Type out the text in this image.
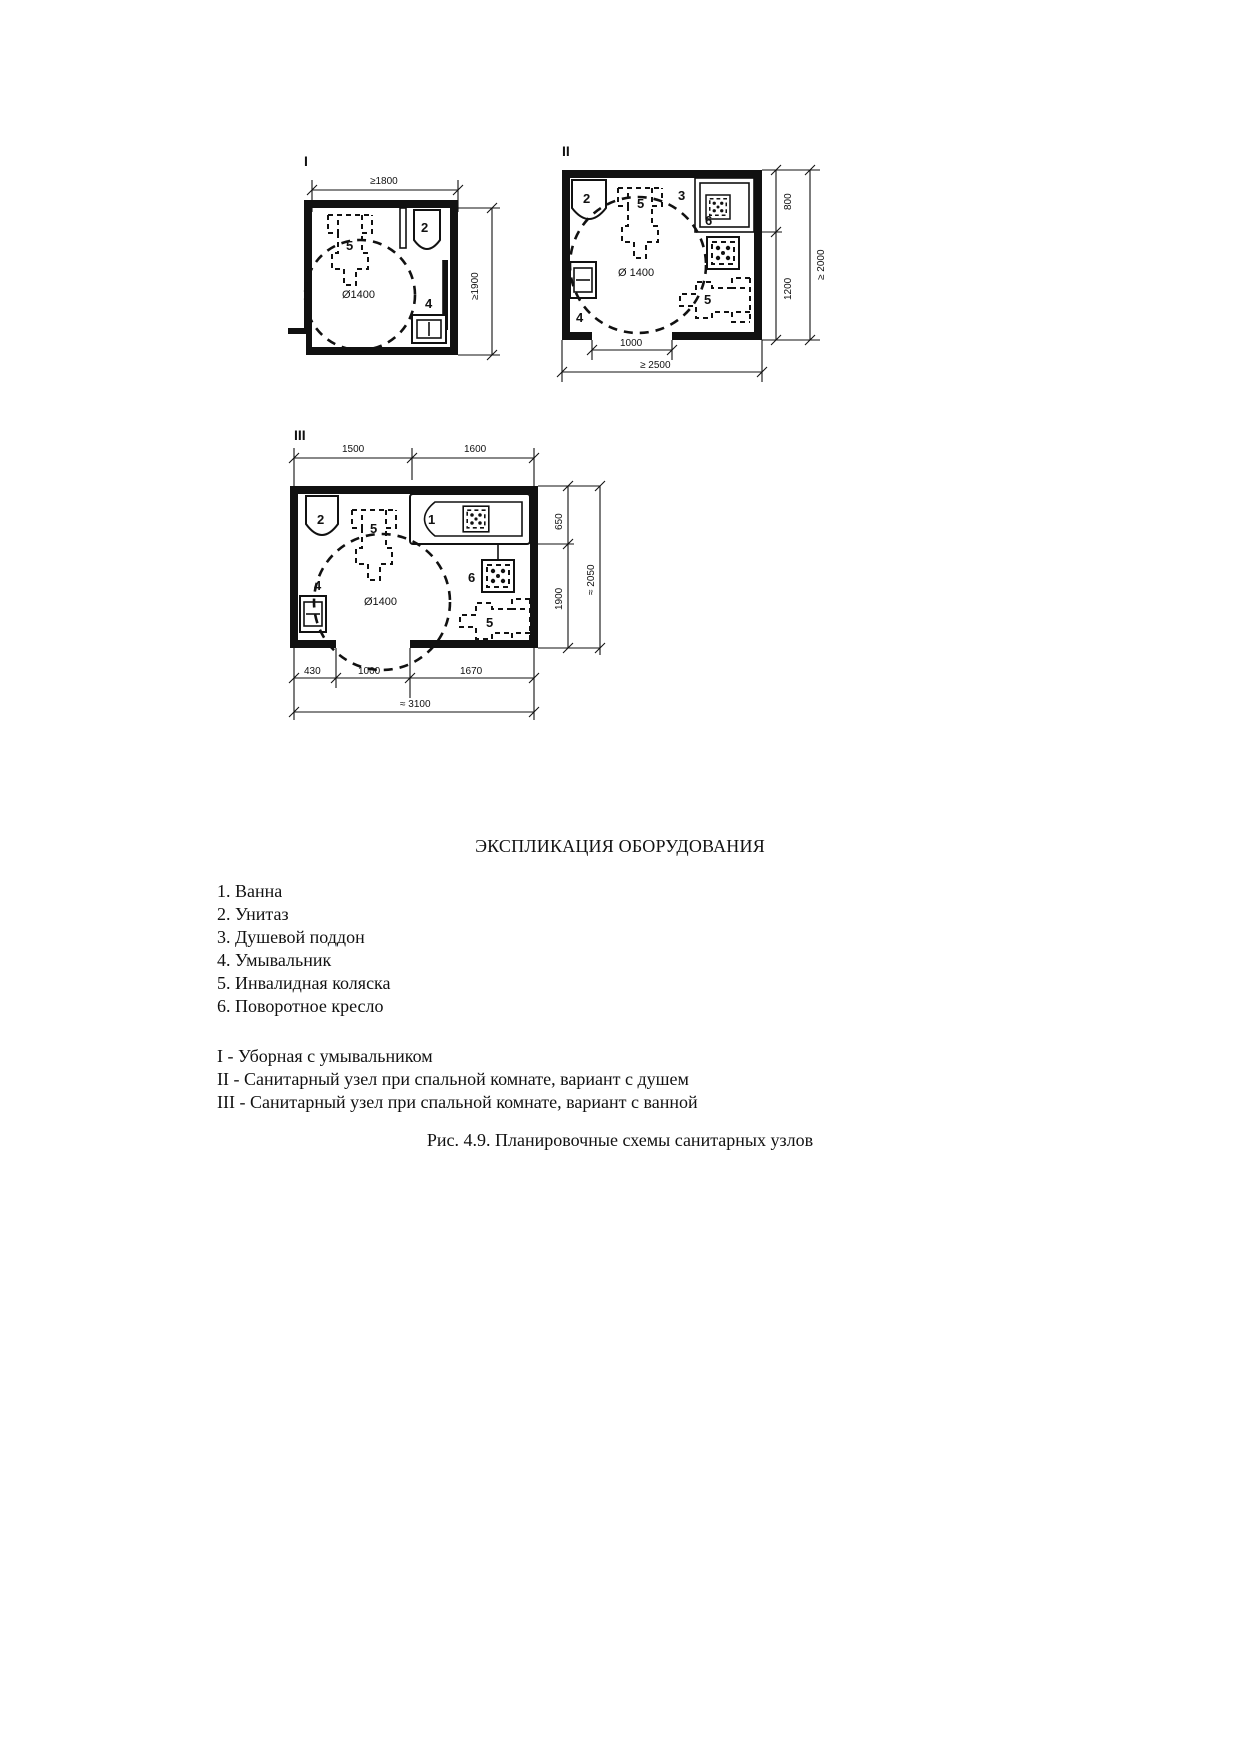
I
≥1800
≥1900
2
4
Ø1400
5
II
6
3
2
4
Ø 1400
5
5
800
1200
≥ 2000
1000
≥ 2500
III
1500	1600
1
6
2
4
Ø1400
5
5
650
1900
≈ 2050
430	1000	1670
≈ 3100
ЭКСПЛИКАЦИЯ ОБОРУДОВАНИЯ
1. Ванна
2. Унитаз
3. Душевой поддон
4. Умывальник
5. Инвалидная коляска
6. Поворотное кресло
I - Уборная с умывальником
II - Санитарный узел при спальной комнате, вариант с душем
III - Санитарный узел при спальной комнате, вариант с ванной
Рис. 4.9. Планировочные схемы санитарных узлов
